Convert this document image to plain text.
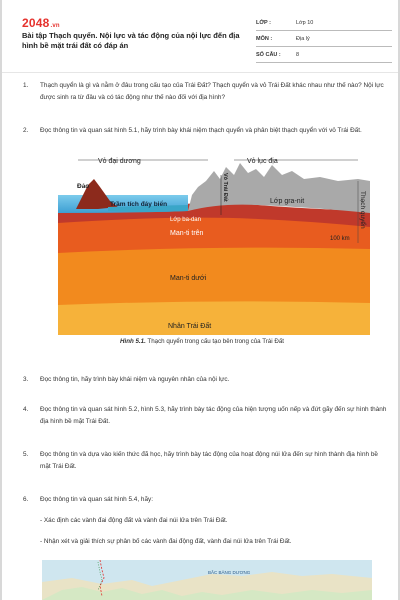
2048.vn
Bài tập Thạch quyển. Nội lực và tác động của nội lực đến địa hình bề mặt trái đất có đáp án
LỚP :	Lớp 10
MÔN :	Địa lý
SỐ CÂU :	8
1. Thạch quyển là gì và nằm ở đâu trong cấu tạo của Trái Đất? Thạch quyển và vỏ Trái Đất khác nhau như thế nào? Nội lực được sinh ra từ đâu và có tác động như thế nào đối với địa hình?
2. Đọc thông tin và quan sát hình 5.1, hãy trình bày khái niệm thạch quyển và phân biệt thạch quyển với vỏ Trái Đất.
Vỏ đại dương	Vỏ lục địa
Đảo
Trầm tích đáy biển
Lớp ba-dan
Lớp gra-nit
Man-ti trên
Man-ti dưới
Nhân Trái Đất
100 km
Vỏ Trái Đất
Thạch quyển
Hình 5.1. Thạch quyển trong cấu tạo bên trong của Trái Đất
3. Đọc thông tin, hãy trình bày khái niệm và nguyên nhân của nội lực.
4. Đọc thông tin và quan sát hình 5.2, hình 5.3, hãy trình bày tác động của hiện tượng uốn nếp và đứt gãy đến sự hình thành địa hình bề mặt Trái Đất.
5. Đọc thông tin và dựa vào kiến thức đã học, hãy trình bày tác động của hoạt động núi lửa đến sự hình thành địa hình bề mặt Trái Đất.
6. Đọc thông tin và quan sát hình 5.4, hãy:
- Xác định các vành đai động đất và vành đai núi lửa trên Trái Đất.
- Nhận xét và giải thích sự phân bố các vành đai động đất, vành đai núi lửa trên Trái Đất.
BẮC BĂNG DƯƠNG
